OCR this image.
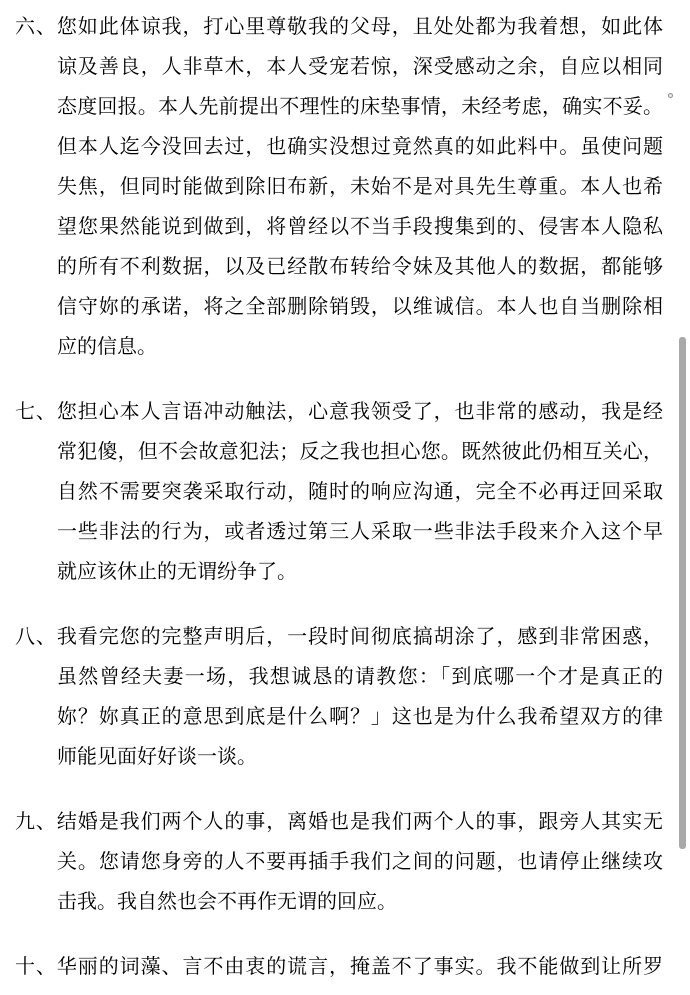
六、您如此体谅我，打心里尊敬我的父母，且处处都为我着想，如此体
谅及善良，人非草木，本人受宠若惊，深受感动之余，自应以相同
态度回报。本人先前提出不理性的床垫事情，未经考虑，确实不妥。
但本人迄今没回去过，也确实没想过竟然真的如此料中。虽使问题
失焦，但同时能做到除旧布新，未始不是对具先生尊重。本人也希
望您果然能说到做到，将曾经以不当手段搜集到的、侵害本人隐私
的所有不利数据，以及已经散布转给令妹及其他人的数据，都能够
信守妳的承诺，将之全部删除销毁，以维诚信。本人也自当删除相
应的信息。
七、您担心本人言语冲动触法，心意我领受了，也非常的感动，我是经
常犯傻，但不会故意犯法；反之我也担心您。既然彼此仍相互关心，
自然不需要突袭采取行动，随时的响应沟通，完全不必再迂回采取
一些非法的行为，或者透过第三人采取一些非法手段来介入这个早
就应该休止的无谓纷争了。
八、我看完您的完整声明后，一段时间彻底搞胡涂了，感到非常困惑，
虽然曾经夫妻一场，我想诚恳的请教您：「到底哪一个才是真正的
妳？妳真正的意思到底是什么啊？」这也是为什么我希望双方的律
师能见面好好谈一谈。
九、结婚是我们两个人的事，离婚也是我们两个人的事，跟旁人其实无
关。您请您身旁的人不要再插手我们之间的问题，也请停止继续攻
击我。我自然也会不再作无谓的回应。
十、华丽的词藻、言不由衷的谎言，掩盖不了事实。我不能做到让所罗
